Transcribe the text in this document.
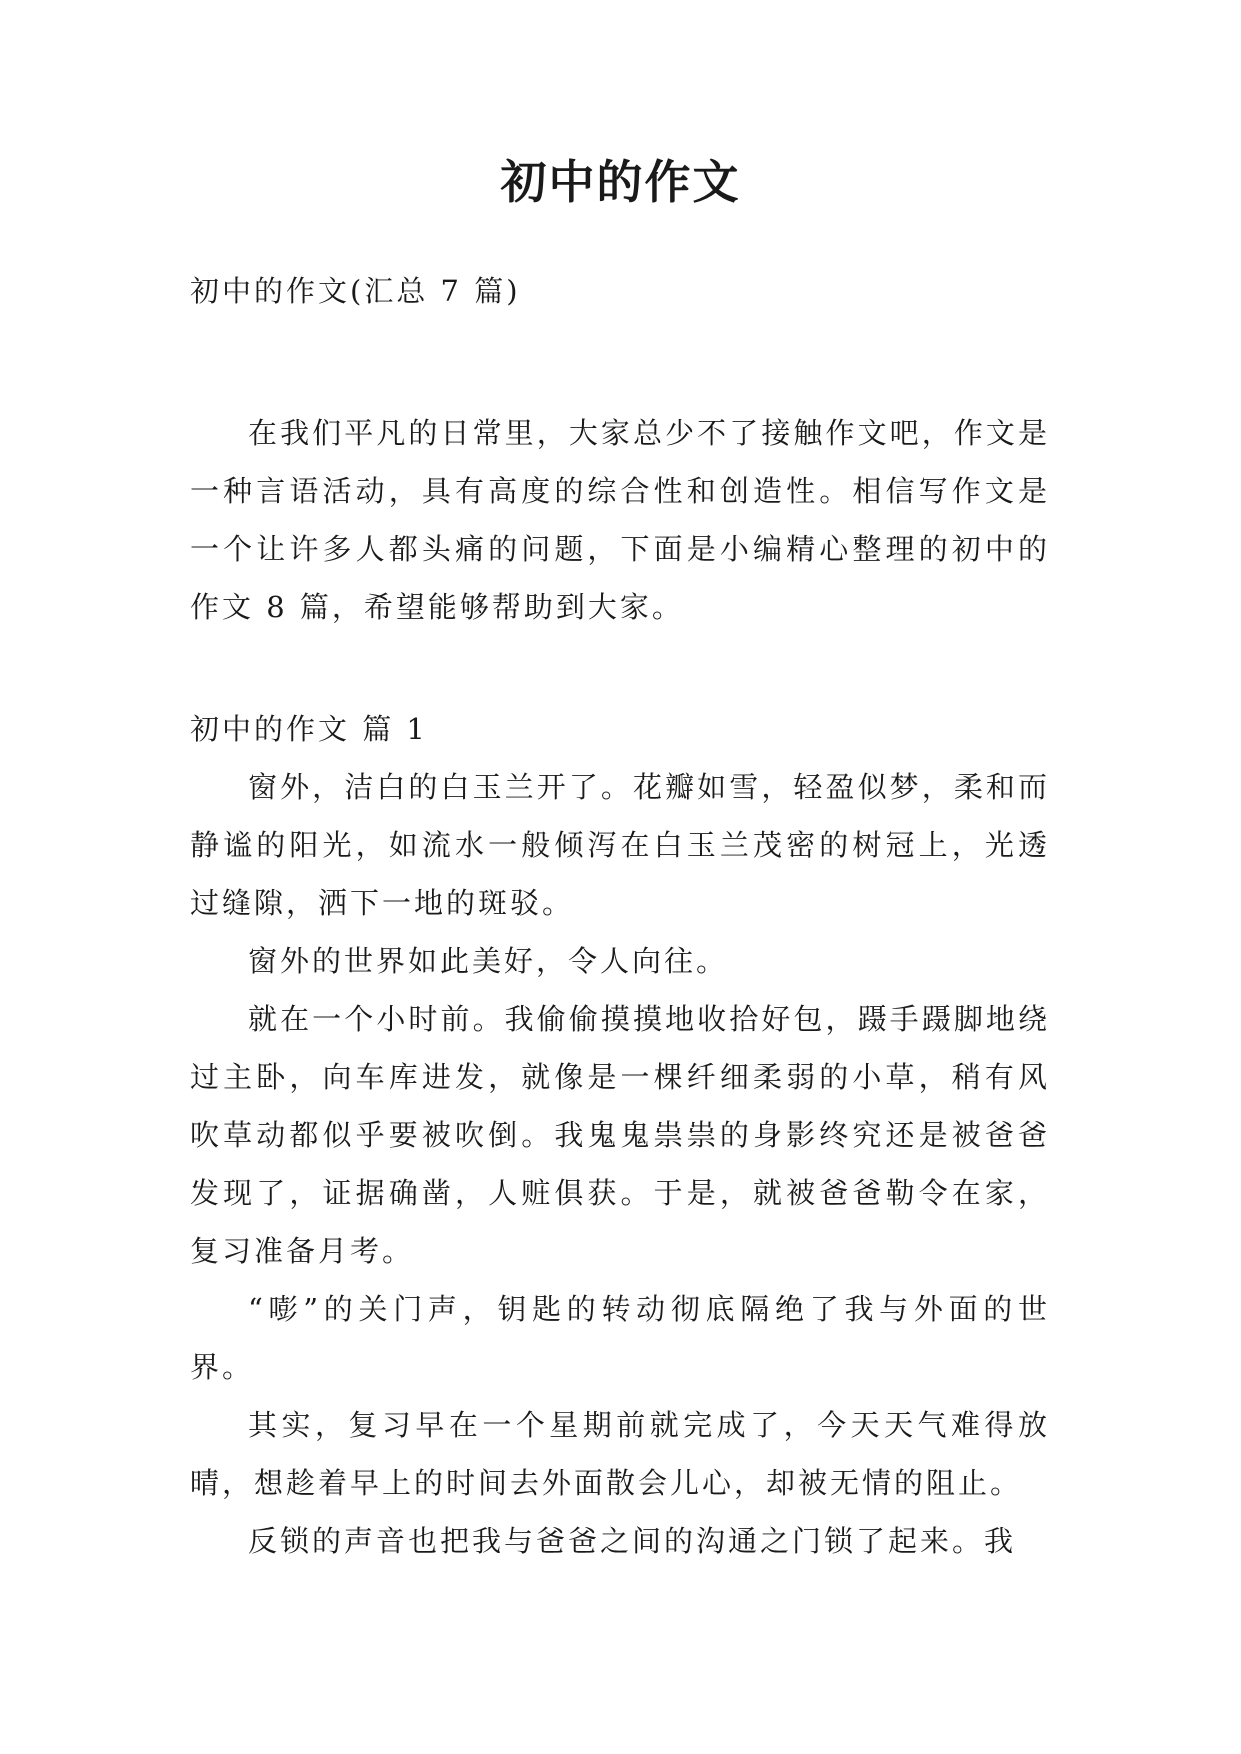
初中的作文
初中的作文(汇总 7 篇)

在我们平凡的日常里，大家总少不了接触作文吧，作文是一种言语活动，具有高度的综合性和创造性。相信写作文是一个让许多人都头痛的问题，下面是小编精心整理的初中的作文 8 篇，希望能够帮助到大家。

初中的作文 篇 1

窗外，洁白的白玉兰开了。花瓣如雪，轻盈似梦，柔和而静谧的阳光，如流水一般倾泻在白玉兰茂密的树冠上，光透过缝隙，洒下一地的斑驳。

窗外的世界如此美好，令人向往。

就在一个小时前。我偷偷摸摸地收拾好包，蹑手蹑脚地绕过主卧，向车库进发，就像是一棵纤细柔弱的小草，稍有风吹草动都似乎要被吹倒。我鬼鬼祟祟的身影终究还是被爸爸发现了，证据确凿，人赃俱获。于是，就被爸爸勒令在家，复习准备月考。

“嘭”的关门声，钥匙的转动彻底隔绝了我与外面的世界。

其实，复习早在一个星期前就完成了，今天天气难得放晴，想趁着早上的时间去外面散会儿心，却被无情的阻止。

反锁的声音也把我与爸爸之间的沟通之门锁了起来。我
